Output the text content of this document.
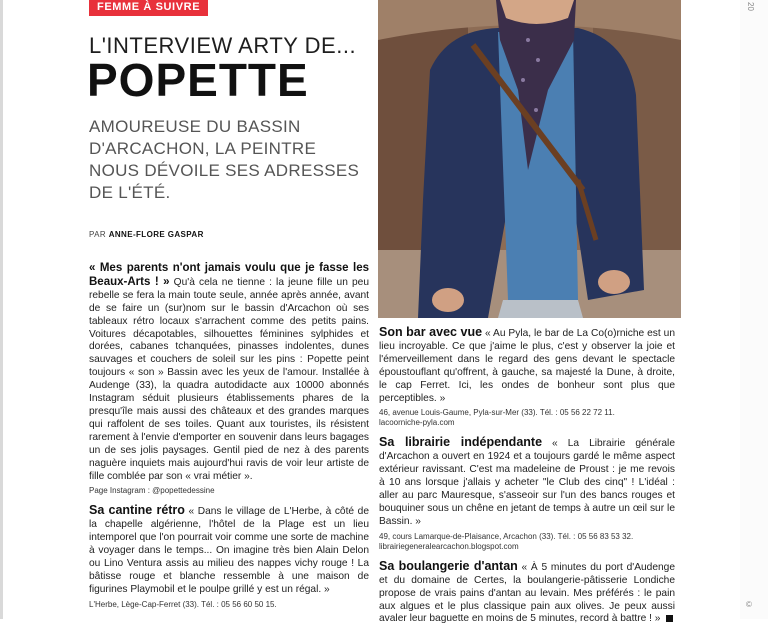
20
©
FEMME À SUIVRE
L'INTERVIEW ARTY DE...
POPETTE
AMOUREUSE DU BASSIN D'ARCACHON, LA PEINTRE NOUS DÉVOILE SES ADRESSES DE L'ÉTÉ.
PAR ANNE-FLORE GASPAR

« Mes parents n'ont jamais voulu que je fasse les Beaux-Arts ! » Qu'à cela ne tienne : la jeune fille un peu rebelle se fera la main toute seule, année après année, avant de se faire un (sur)nom sur le bassin d'Arcachon où ses tableaux rétro locaux s'arrachent comme des petits pains. Voitures décapotables, silhouettes féminines sylphides et dorées, cabanes tchanquées, pinasses indolentes, dunes sauvages et couchers de soleil sur les pins : Popette peint toujours « son » Bassin avec les yeux de l'amour. Installée à Audenge (33), la quadra autodidacte aux 10000 abonnés Instagram séduit plusieurs établissements phares de la presqu'île mais aussi des châteaux et des grandes marques qui raffolent de ses toiles. Quant aux touristes, ils résistent rarement à l'envie d'emporter en souvenir dans leurs bagages un de ses jolis paysages. Gentil pied de nez à des parents naguère inquiets mais aujourd'hui ravis de voir leur artiste de fille comblée par son « vrai métier ».

Page Instagram : @popettedessine

Sa cantine rétro « Dans le village de L'Herbe, à côté de la chapelle algérienne, l'hôtel de la Plage est un lieu intemporel que l'on pourrait voir comme une sorte de machine à voyager dans le temps... On imagine très bien Alain Delon ou Lino Ventura assis au milieu des nappes vichy rouge ! La bâtisse rouge et blanche ressemble à une maison de figurines Playmobil et le poulpe grillé y est un régal. »

L'Herbe, Lège-Cap-Ferret (33). Tél. : 05 56 60 50 15.

Son bar avec vue « Au Pyla, le bar de La Co(o)rniche est un lieu incroyable. Ce que j'aime le plus, c'est y observer la joie et l'émerveillement dans le regard des gens devant le spectacle époustouflant qu'offrent, à gauche, sa majesté la Dune, à droite, le cap Ferret. Ici, les ondes de bonheur sont plus que perceptibles. »

46, avenue Louis-Gaume, Pyla-sur-Mer (33). Tél. : 05 56 22 72 11.
lacoorniche-pyla.com

Sa librairie indépendante « La Librairie générale d'Arcachon a ouvert en 1924 et a toujours gardé le même aspect extérieur ravissant. C'est ma madeleine de Proust : je me revois à 10 ans lorsque j'allais y acheter "le Club des cinq" ! L'idéal : aller au parc Mauresque, s'asseoir sur l'un des bancs rouges et bouquiner sous un chêne en jetant de temps à autre un œil sur le Bassin. »

49, cours Lamarque-de-Plaisance, Arcachon (33). Tél. : 05 56 83 53 32.
librairiegeneralearcachon.blogspot.com

Sa boulangerie d'antan « À 5 minutes du port d'Audenge et du domaine de Certes, la boulangerie-pâtisserie Londiche propose de vrais pains d'antan au levain. Mes préférés : le pain aux algues et le plus classique pain aux olives. Je peux aussi avaler leur baguette en moins de 5 minutes, record à battre ! »
